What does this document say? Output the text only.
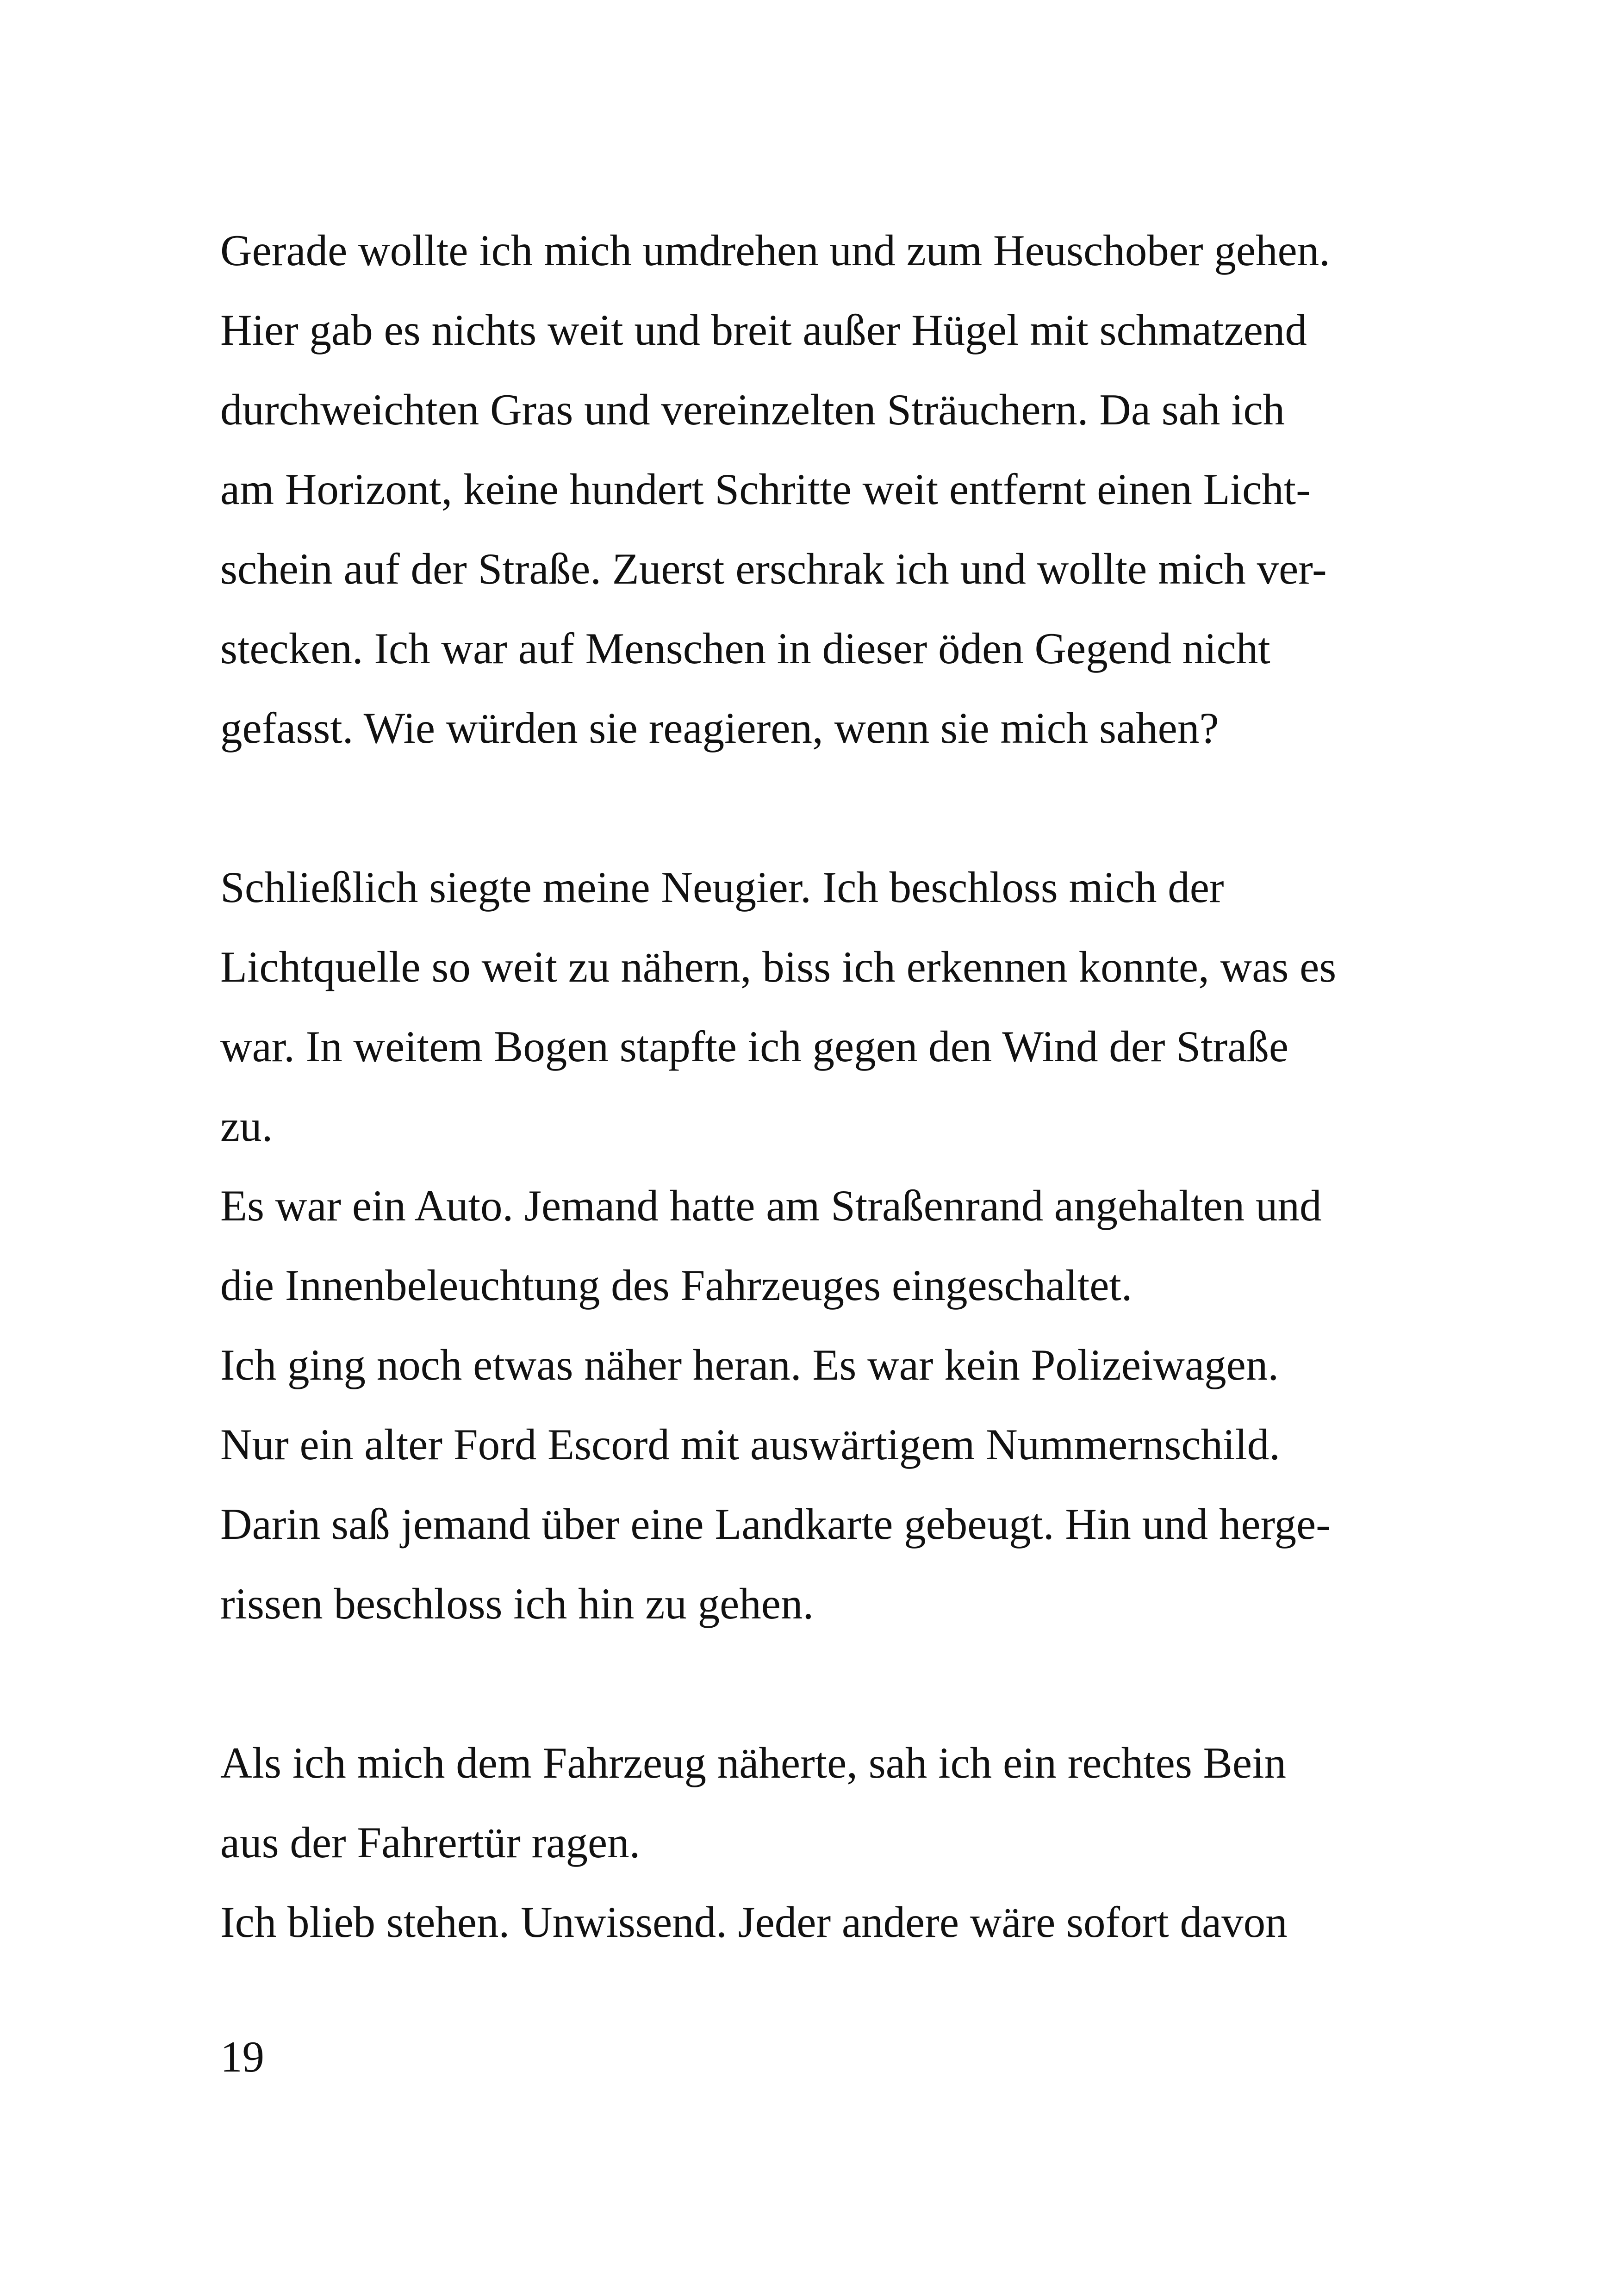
Gerade wollte ich mich umdrehen und zum Heuschober gehen.
Hier gab es nichts weit und breit außer Hügel mit schmatzend
durchweichten Gras und vereinzelten Sträuchern. Da sah ich
am Horizont, keine hundert Schritte weit entfernt einen Licht-
schein auf der Straße. Zuerst erschrak ich und wollte mich ver-
stecken. Ich war auf Menschen in dieser öden Gegend nicht
gefasst. Wie würden sie reagieren, wenn sie mich sahen?
Schließlich siegte meine Neugier. Ich beschloss mich der
Lichtquelle so weit zu nähern, biss ich erkennen konnte, was es
war. In weitem Bogen stapfte ich gegen den Wind der Straße
zu.
Es war ein Auto. Jemand hatte am Straßenrand angehalten und
die Innenbeleuchtung des Fahrzeuges eingeschaltet.
Ich ging noch etwas näher heran. Es war kein Polizeiwagen.
Nur ein alter Ford Escord mit auswärtigem Nummernschild.
Darin saß jemand über eine Landkarte gebeugt. Hin und herge-
rissen beschloss ich hin zu gehen.
Als ich mich dem Fahrzeug näherte, sah ich ein rechtes Bein
aus der Fahrertür ragen.
Ich blieb stehen. Unwissend. Jeder andere wäre sofort davon
19
